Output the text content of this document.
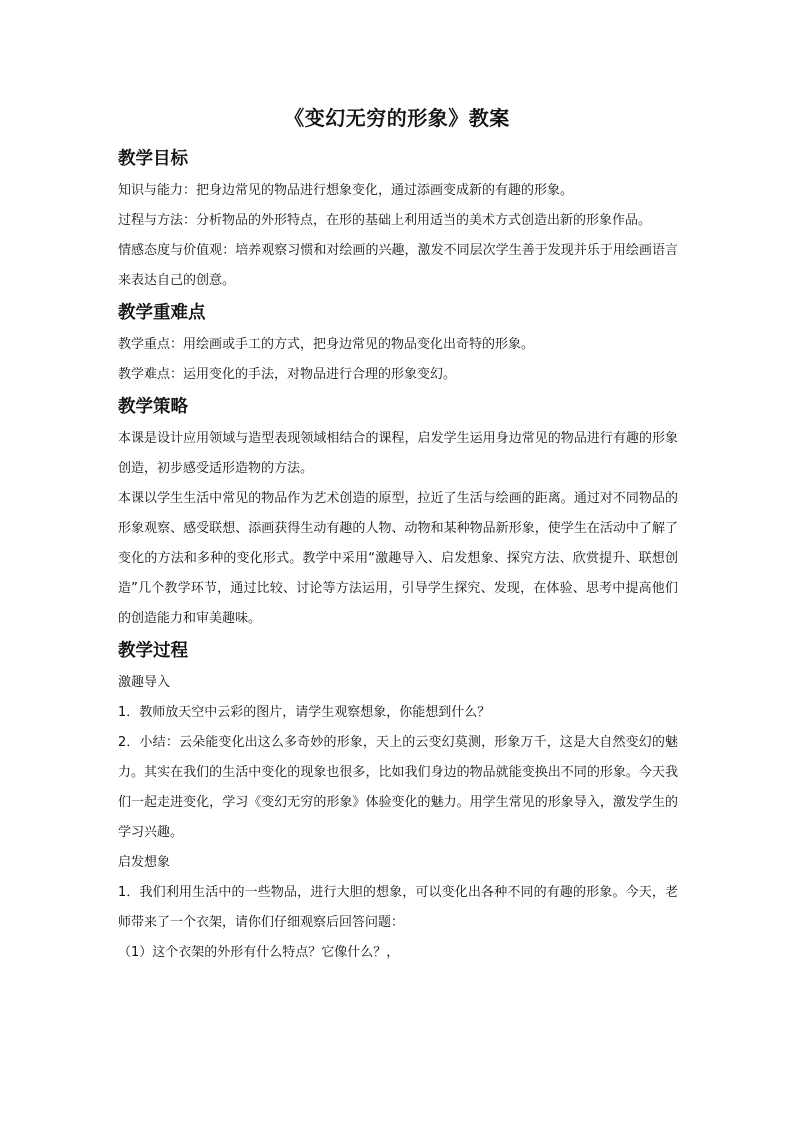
《变幻无穷的形象》教案
教学目标

知识与能力：把身边常见的物品进行想象变化，通过添画变成新的有趣的形象。

过程与方法：分析物品的外形特点，在形的基础上利用适当的美术方式创造出新的形象作品。

情感态度与价值观：培养观察习惯和对绘画的兴趣，激发不同层次学生善于发现并乐于用绘画语言来表达自己的创意。

教学重难点

教学重点：用绘画或手工的方式，把身边常见的物品变化出奇特的形象。

教学难点：运用变化的手法，对物品进行合理的形象变幻。

教学策略

本课是设计应用领域与造型表现领域相结合的课程，启发学生运用身边常见的物品进行有趣的形象创造，初步感受适形造物的方法。

本课以学生生活中常见的物品作为艺术创造的原型，拉近了生活与绘画的距离。通过对不同物品的形象观察、感受联想、添画获得生动有趣的人物、动物和某种物品新形象，使学生在活动中了解了变化的方法和多种的变化形式。教学中采用“激趣导入、启发想象、探究方法、欣赏提升、联想创造”几个教学环节，通过比较、讨论等方法运用，引导学生探究、发现，在体验、思考中提高他们的创造能力和审美趣味。

教学过程

激趣导入

1．教师放天空中云彩的图片，请学生观察想象，你能想到什么？

2．小结：云朵能变化出这么多奇妙的形象，天上的云变幻莫测，形象万千，这是大自然变幻的魅力。其实在我们的生活中变化的现象也很多，比如我们身边的物品就能变换出不同的形象。今天我们一起走进变化，学习《变幻无穷的形象》体验变化的魅力。用学生常见的形象导入，激发学生的学习兴趣。

启发想象

1．我们利用生活中的一些物品，进行大胆的想象，可以变化出各种不同的有趣的形象。今天，老师带来了一个衣架，请你们仔细观察后回答问题：

（1）这个衣架的外形有什么特点？它像什么？，
